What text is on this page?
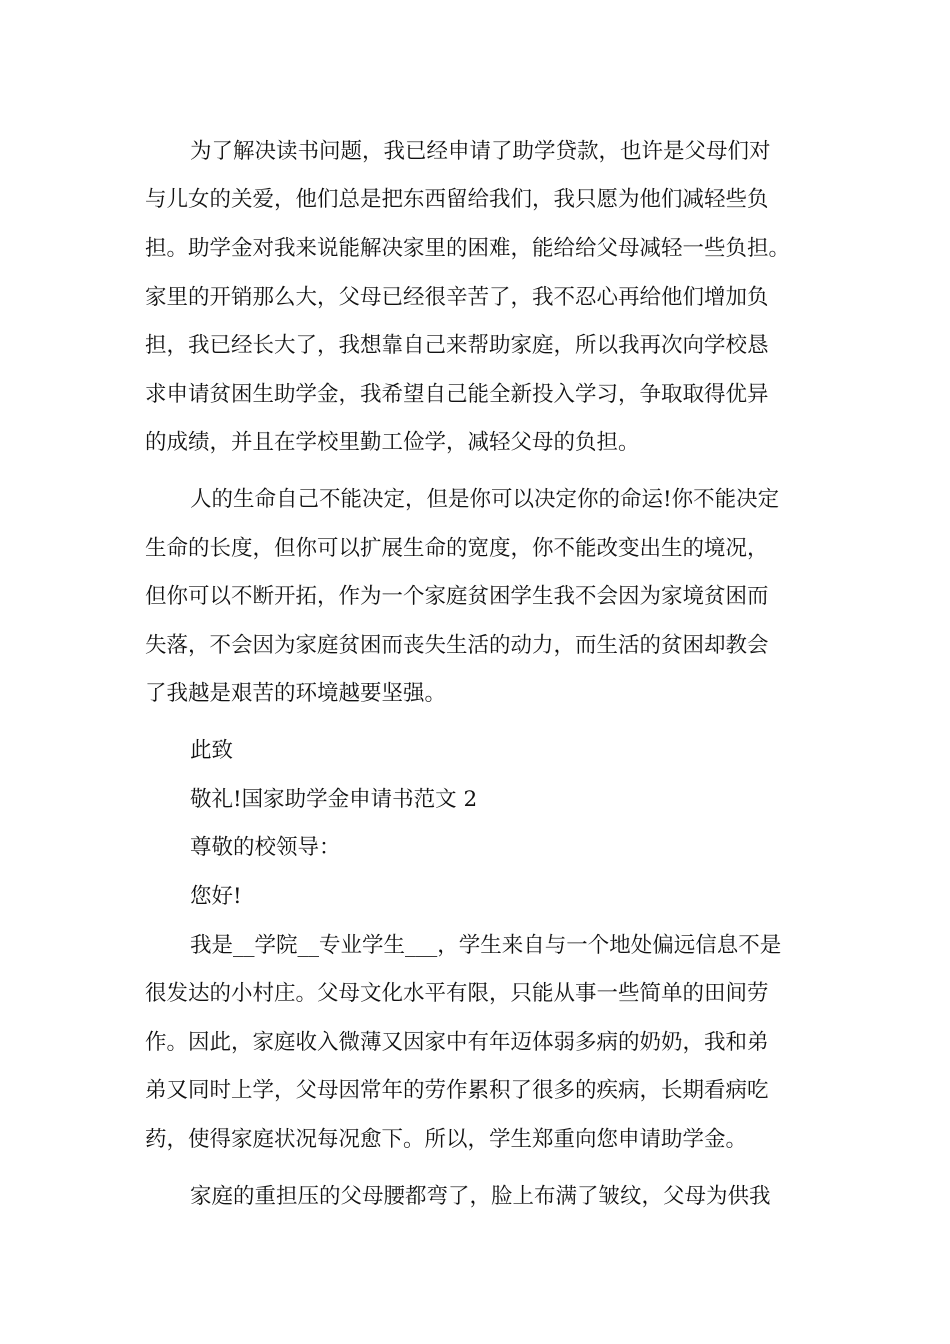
为了解决读书问题，我已经申请了助学贷款，也许是父母们对

与儿女的关爱，他们总是把东西留给我们，我只愿为他们减轻些负

担。助学金对我来说能解决家里的困难，能给给父母减轻一些负担。

家里的开销那么大，父母已经很辛苦了，我不忍心再给他们增加负

担，我已经长大了，我想靠自己来帮助家庭，所以我再次向学校恳

求申请贫困生助学金，我希望自己能全新投入学习，争取取得优异

的成绩，并且在学校里勤工俭学，减轻父母的负担。

人的生命自己不能决定，但是你可以决定你的命运!你不能决定

生命的长度，但你可以扩展生命的宽度，你不能改变出生的境况，

但你可以不断开拓，作为一个家庭贫困学生我不会因为家境贫困而

失落，不会因为家庭贫困而丧失生活的动力，而生活的贫困却教会

了我越是艰苦的环境越要坚强。

此致

敬礼!国家助学金申请书范文 2

尊敬的校领导：

您好!

我是__学院__专业学生___，学生来自与一个地处偏远信息不是

很发达的小村庄。父母文化水平有限，只能从事一些简单的田间劳

作。因此，家庭收入微薄又因家中有年迈体弱多病的奶奶，我和弟

弟又同时上学，父母因常年的劳作累积了很多的疾病，长期看病吃

药，使得家庭状况每况愈下。所以，学生郑重向您申请助学金。

家庭的重担压的父母腰都弯了，脸上布满了皱纹，父母为供我
